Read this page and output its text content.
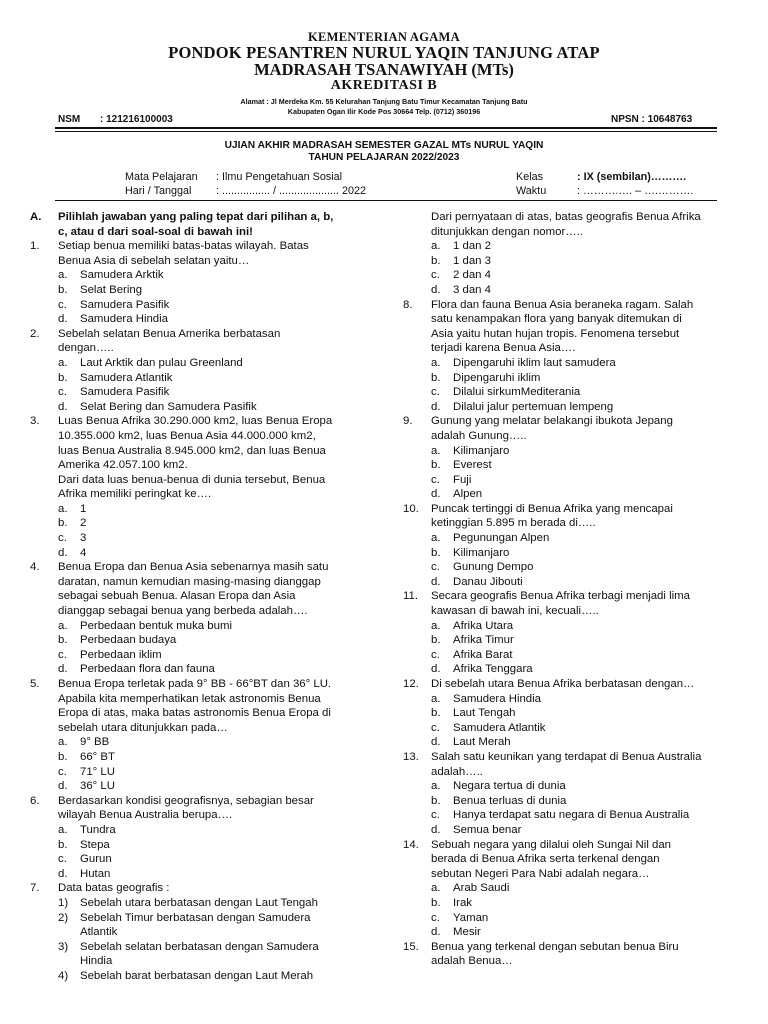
KEMENTERIAN AGAMA
PONDOK PESANTREN NURUL YAQIN TANJUNG ATAP
MADRASAH TSANAWIYAH (MTs)
AKREDITASI B
Alamat : Jl Merdeka Km. 55 Kelurahan Tanjung Batu Timur Kecamatan Tanjung Batu
Kabupaten Ogan Ilir Kode Pos 30664 Telp. (0712) 360196
NSM : 121216100003	NPSN : 10648763
UJIAN AKHIR MADRASAH SEMESTER GAZAL MTs NURUL YAQIN
TAHUN PELAJARAN 2022/2023
Mata Pelajaran : Ilmu Pengetahuan Sosial
Hari / Tanggal : ................ / .................... 2022
Kelas	: IX (sembilan)……….
Waktu	: ……….…. – ….……….
A.	Pilihlah jawaban yang paling tepat dari pilihan a, b,
c, atau d dari soal-soal di bawah ini!
1.	Setiap benua memiliki batas-batas wilayah. Batas
Benua Asia di sebelah selatan yaitu…
a.	Samudera Arktik
b.	Selat Bering
c.	Samudera Pasifik
d.	Samudera Hindia
2.	Sebelah selatan Benua Amerika berbatasan
dengan…..
a.	Laut Arktik dan pulau Greenland
b.	Samudera Atlantik
c.	Samudera Pasifik
d.	Selat Bering dan Samudera Pasifik
3.	Luas Benua Afrika 30.290.000 km2, luas Benua Eropa
10.355.000 km2, luas Benua Asia 44.000.000 km2,
luas Benua Australia 8.945.000 km2, dan luas Benua
Amerika 42.057.100 km2.
Dari data luas benua-benua di dunia tersebut, Benua
Afrika memiliki peringkat ke….
a.	1
b.	2
c.	3
d.	4
4.	Benua Eropa dan Benua Asia sebenarnya masih satu
daratan, namun kemudian masing-masing dianggap
sebagai sebuah Benua. Alasan Eropa dan Asia
dianggap sebagai benua yang berbeda adalah….
a.	Perbedaan bentuk muka bumi
b.	Perbedaan budaya
c.	Perbedaan iklim
d.	Perbedaan flora dan fauna
5.	Benua Eropa terletak pada 9° BB - 66°BT dan 36° LU.
Apabila kita memperhatikan letak astronomis Benua
Eropa di atas, maka batas astronomis Benua Eropa di
sebelah utara ditunjukkan pada…
a.	9° BB
b.	66° BT
c.	71° LU
d.	36° LU
6.	Berdasarkan kondisi geografisnya, sebagian besar
wilayah Benua Australia berupa….
a.	Tundra
b.	Stepa
c.	Gurun
d.	Hutan
7.	Data batas geografis :
1)	Sebelah utara berbatasan dengan Laut Tengah
2)	Sebelah Timur berbatasan dengan Samudera
Atlantik
3)	Sebelah selatan berbatasan dengan Samudera
Hindia
4)	Sebelah barat berbatasan dengan Laut Merah
Dari pernyataan di atas, batas geografis Benua Afrika
ditunjukkan dengan nomor…..
a.	1 dan 2
b.	1 dan 3
c.	2 dan 4
d.	3 dan 4
8.	Flora dan fauna Benua Asia beraneka ragam. Salah
satu kenampakan flora yang banyak ditemukan di
Asia yaitu hutan hujan tropis. Fenomena tersebut
terjadi karena Benua Asia….
a.	Dipengaruhi iklim laut samudera
b.	Dipengaruhi iklim
c.	Dilalui sirkumMediterania
d.	Dilalui jalur pertemuan lempeng
9.	Gunung yang melatar belakangi ibukota Jepang
adalah Gunung…..
a.	Kilimanjaro
b.	Everest
c.	Fuji
d.	Alpen
10.	Puncak tertinggi di Benua Afrika yang mencapai
ketinggian 5.895 m berada di…..
a.	Pegunungan Alpen
b.	Kilimanjaro
c.	Gunung Dempo
d.	Danau Jibouti
11.	Secara geografis Benua Afrika terbagi menjadi lima
kawasan di bawah ini, kecuali…..
a.	Afrika Utara
b.	Afrika Timur
c.	Afrika Barat
d.	Afrika Tenggara
12.	Di sebelah utara Benua Afrika berbatasan dengan…
a.	Samudera Hindia
b.	Laut Tengah
c.	Samudera Atlantik
d.	Laut Merah
13.	Salah satu keunikan yang terdapat di Benua Australia
adalah…..
a.	Negara tertua di dunia
b.	Benua terluas di dunia
c.	Hanya terdapat satu negara di Benua Australia
d.	Semua benar
14.	Sebuah negara yang dilalui oleh Sungai Nil dan
berada di Benua Afrika serta terkenal dengan
sebutan Negeri Para Nabi adalah negara…
a.	Arab Saudi
b.	Irak
c.	Yaman
d.	Mesir
15.	Benua yang terkenal dengan sebutan benua Biru
adalah Benua…
